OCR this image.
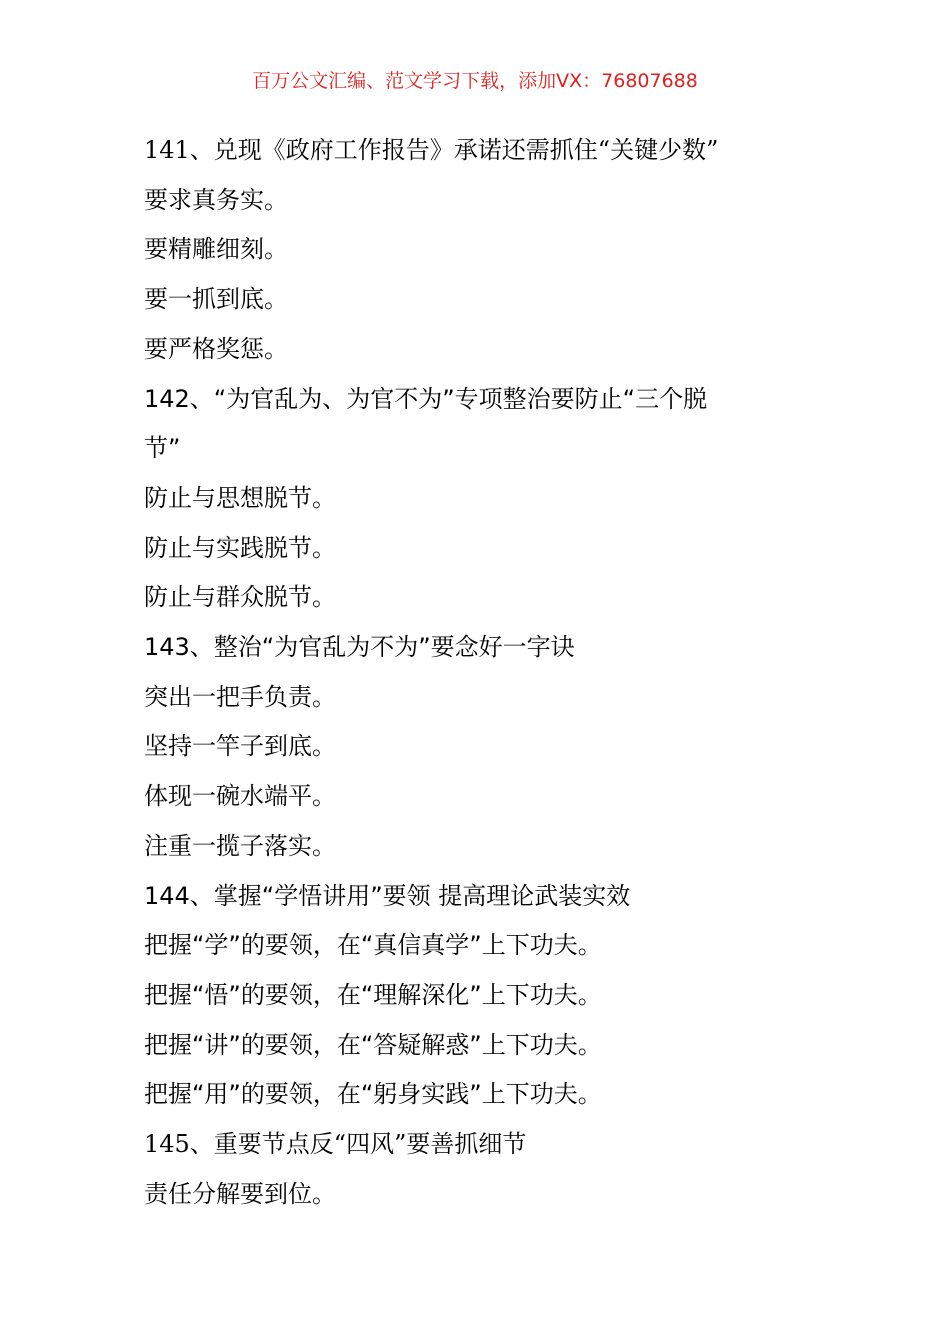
百万公文汇编、范文学习下载，添加VX：76807688
141、兑现《政府工作报告》承诺还需抓住“关键少数”
要求真务实。
要精雕细刻。
要一抓到底。
要严格奖惩。
142、“为官乱为、为官不为”专项整治要防止“三个脱
节”
防止与思想脱节。
防止与实践脱节。
防止与群众脱节。
143、整治“为官乱为不为”要念好一字诀
突出一把手负责。
坚持一竿子到底。
体现一碗水端平。
注重一揽子落实。
144、掌握“学悟讲用”要领 提高理论武装实效
把握“学”的要领，在“真信真学”上下功夫。
把握“悟”的要领，在“理解深化”上下功夫。
把握“讲”的要领，在“答疑解惑”上下功夫。
把握“用”的要领，在“躬身实践”上下功夫。
145、重要节点反“四风”要善抓细节
责任分解要到位。
